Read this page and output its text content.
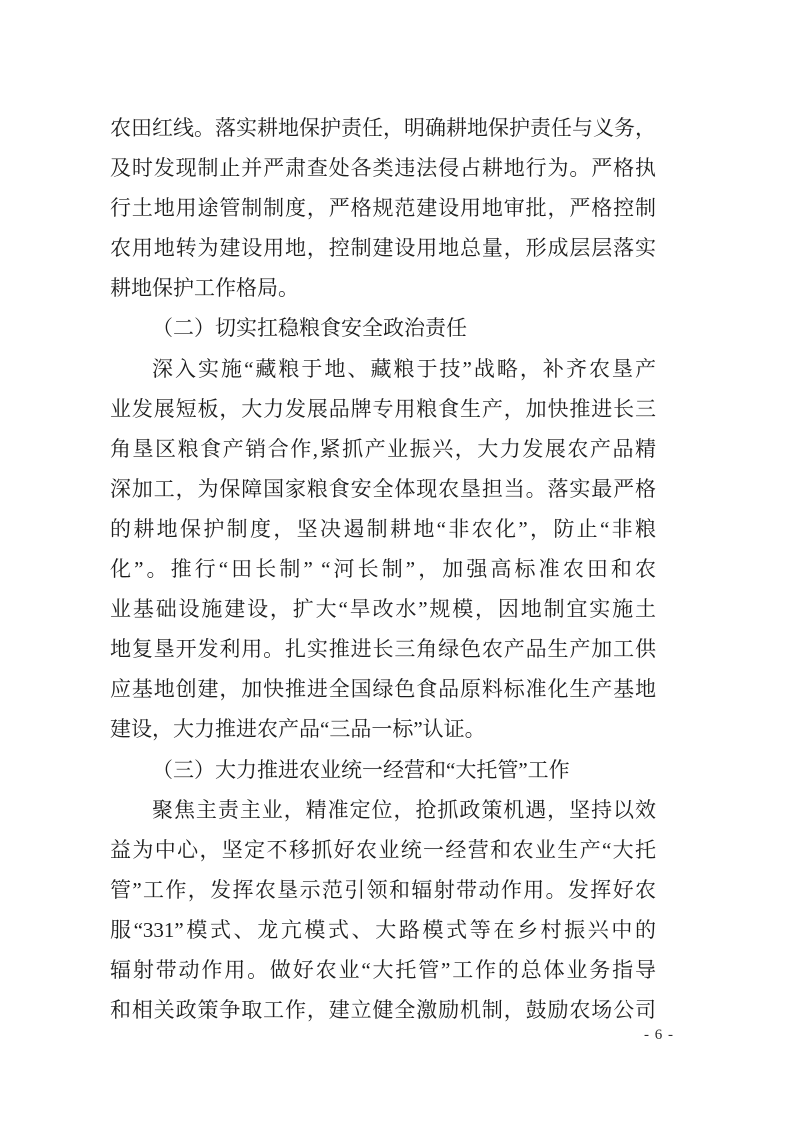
农田红线。落实耕地保护责任，明确耕地保护责任与义务，
及时发现制止并严肃查处各类违法侵占耕地行为。严格执
行土地用途管制制度，严格规范建设用地审批，严格控制
农用地转为建设用地，控制建设用地总量，形成层层落实
耕地保护工作格局。
（二）切实扛稳粮食安全政治责任
深入实施“藏粮于地、藏粮于技”战略，补齐农垦产
业发展短板，大力发展品牌专用粮食生产，加快推进长三
角垦区粮食产销合作,紧抓产业振兴，大力发展农产品精
深加工，为保障国家粮食安全体现农垦担当。落实最严格
的耕地保护制度，坚决遏制耕地“非农化”，防止“非粮
化”。推行“田长制” “河长制”，加强高标准农田和农
业基础设施建设，扩大“旱改水”规模，因地制宜实施土
地复垦开发利用。扎实推进长三角绿色农产品生产加工供
应基地创建，加快推进全国绿色食品原料标准化生产基地
建设，大力推进农产品“三品一标”认证。
（三）大力推进农业统一经营和“大托管”工作
聚焦主责主业，精准定位，抢抓政策机遇，坚持以效
益为中心，坚定不移抓好农业统一经营和农业生产“大托
管”工作，发挥农垦示范引领和辐射带动作用。发挥好农
服“331”模式、龙亢模式、大路模式等在乡村振兴中的
辐射带动作用。做好农业“大托管”工作的总体业务指导
和相关政策争取工作，建立健全激励机制，鼓励农场公司
- 6 -
